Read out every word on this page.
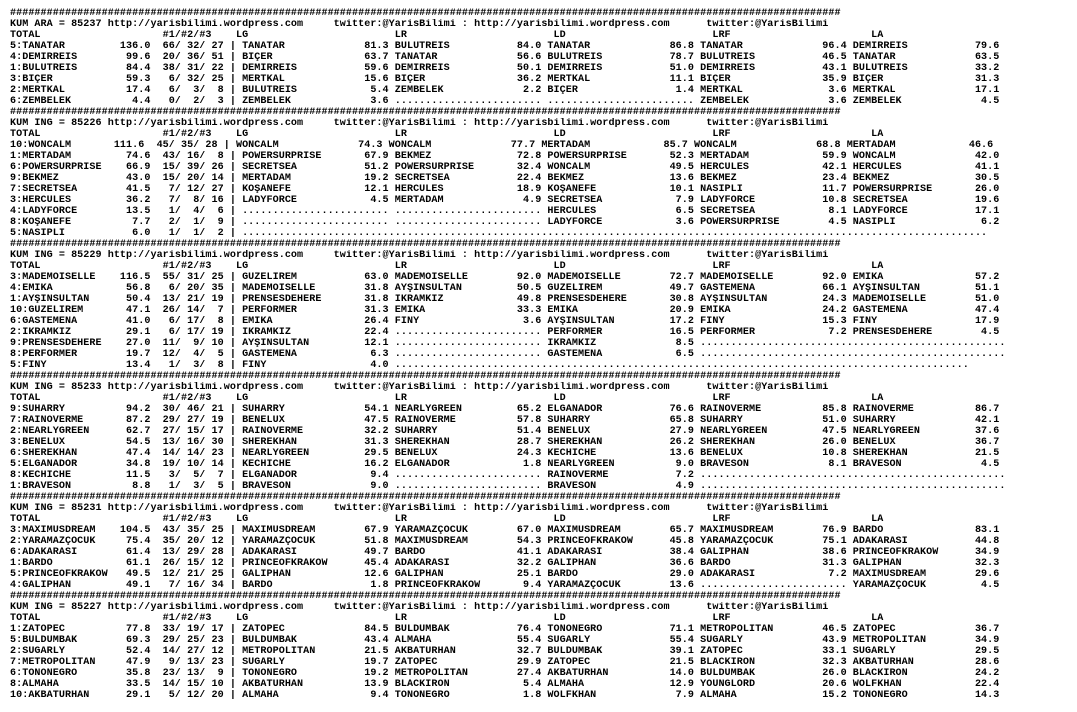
########################################################################################################################################
KUM ARA = 85237 http://yarisbilimi.wordpress.com     twitter:@YarisBilimi : http://yarisbilimi.wordpress.com      twitter:@YarisBilimi
TOTAL                    #1/#2/#3    LG                        LR                        LD                        LRF                       LA
5:TANATAR         136.0  66/ 32/ 27 | TANATAR             81.3 BULUTREİS           84.0 TANATAR             86.8 TANATAR             96.4 DEMİRREİS           79.6
4:DEMİRREİS        99.6  20/ 36/ 51 | BIÇER               63.7 TANATAR             56.6 BULUTREİS           78.7 BULUTREİS           46.5 TANATAR             63.5
1:BULUTREİS        84.4  38/ 31/ 22 | DEMİRREİS           59.6 DEMİRREİS           50.1 DEMİRREİS           51.0 DEMİRREİS           43.1 BULUTREİS           33.2
3:BIÇER            59.3   6/ 32/ 25 | MERTKAL             15.6 BIÇER               36.2 MERTKAL             11.1 BIÇER               35.9 BIÇER               31.3
2:MERTKAL          17.4   6/  3/  8 | BULUTREİS            5.4 ZEMBELEK             2.2 BIÇER                1.4 MERTKAL              3.6 MERTKAL             17.1
6:ZEMBELEK          4.4   0/  2/  3 | ZEMBELEK             3.6 ........................ ........................ ZEMBELEK             3.6 ZEMBELEK             4.5
########################################################################################################################################
KUM ING = 85226 http://yarisbilimi.wordpress.com     twitter:@YarisBilimi : http://yarisbilimi.wordpress.com      twitter:@YarisBilimi
TOTAL                    #1/#2/#3    LG                        LR                        LD                        LRF                       LA
10:WONCALM       111.6  45/ 35/ 28 | WONCALM             74.3 WONCALM             77.7 MERTADAM            85.7 WONCALM             68.8 MERTADAM            46.6
1:MERTADAM         74.6  43/ 16/  8 | POWERSURPRISE       67.9 BEKMEZ              72.8 POWERSURPRISE       52.3 MERTADAM            59.9 WONCALM             42.0
6:POWERSURPRISE    66.9  15/ 39/ 26 | SECRETSEA           51.2 POWERSURPRISE       32.4 WONCALM             49.5 HERCULES            42.1 HERCULES            41.1
9:BEKMEZ           43.0  15/ 20/ 14 | MERTADAM            19.2 SECRETSEA           22.4 BEKMEZ              13.6 BEKMEZ              23.4 BEKMEZ              30.5
7:SECRETSEA        41.5   7/ 12/ 27 | KOŞANEFE            12.1 HERCULES            18.9 KOŞANEFE            10.1 NASİPLİ             11.7 POWERSURPRISE       26.0
3:HERCULES         36.2   7/  8/ 16 | LADYFORCE            4.5 MERTADAM             4.9 SECRETSEA            7.9 LADYFORCE           10.8 SECRETSEA           19.6
4:LADYFORCE        13.5   1/  4/  6 | ........................ ........................ HERCULES             6.5 SECRETSEA            8.1 LADYFORCE           17.1
8:KOŞANEFE          7.7   2/  1/  9 | ........................ ........................ LADYFORCE            3.6 POWERSURPRISE        4.5 NASİPLİ              6.2
5:NASİPLİ           6.0   1/  1/  2 | ..........................................................................................................................
########################################################################################################################################
KUM ING = 85229 http://yarisbilimi.wordpress.com     twitter:@YarisBilimi : http://yarisbilimi.wordpress.com      twitter:@YarisBilimi
TOTAL                    #1/#2/#3    LG                        LR                        LD                        LRF                       LA
3:MADEMOISELLE    116.5  55/ 31/ 25 | GÜZELİREM           63.0 MADEMOISELLE        92.0 MADEMOISELLE        72.7 MADEMOISELLE        92.0 EMİKA               57.2
4:EMİKA            56.8   6/ 20/ 35 | MADEMOISELLE        31.8 AYŞINSULTAN         50.5 GÜZELİREM           49.7 GASTEMENA           66.1 AYŞINSULTAN         51.1
1:AYŞINSULTAN      50.4  13/ 21/ 19 | PRENSESDEHERE       31.8 İKRAMKIZ            49.8 PRENSESDEHERE       30.8 AYŞINSULTAN         24.3 MADEMOISELLE        51.0
10:GÜZELİREM       47.1  26/ 14/  7 | PERFORMER           31.3 EMİKA               33.3 EMİKA               20.9 EMİKA               24.2 GASTEMENA           47.4
6:GASTEMENA        41.0   6/ 17/  8 | EMİKA               26.4 FINY                 3.6 AYŞINSULTAN         17.2 FINY                15.3 FINY                17.9
2:İKRAMKIZ         29.1   6/ 17/ 19 | İKRAMKIZ            22.4 ........................ PERFORMER           16.5 PERFORMER            7.2 PRENSESDEHERE        4.5
9:PRENSESDEHERE    27.0  11/  9/ 10 | AYŞINSULTAN         12.1 ........................ İKRAMKIZ             8.5 ..................................................
8:PERFORMER        19.7  12/  4/  5 | GASTEMENA            6.3 ........................ GASTEMENA            6.5 ..................................................
5:FINY             13.4   1/  3/  8 | FINY                 4.0 ..............................................................................................
########################################################################################################################################
KUM ING = 85233 http://yarisbilimi.wordpress.com     twitter:@YarisBilimi : http://yarisbilimi.wordpress.com      twitter:@YarisBilimi
TOTAL                    #1/#2/#3    LG                        LR                        LD                        LRF                       LA
9:SUHARRY          94.2  30/ 46/ 21 | SUHARRY             54.1 NEARLYGREEN         65.2 ELGANADOR           76.6 RAINOVERME          85.8 RAINOVERME          86.7
7:RAINOVERME       87.2  29/ 27/ 19 | BENELUX             47.5 RAINOVERME          57.8 SUHARRY             65.8 SUHARRY             51.0 SUHARRY             42.1
2:NEARLYGREEN      62.7  27/ 15/ 17 | RAINOVERME          32.2 SUHARRY             51.4 BENELUX             27.9 NEARLYGREEN         47.5 NEARLYGREEN         37.6
3:BENELUX          54.5  13/ 16/ 30 | SHEREKHAN           31.3 SHEREKHAN           28.7 SHEREKHAN           26.2 SHEREKHAN           26.0 BENELUX             36.7
6:SHEREKHAN        47.4  14/ 14/ 23 | NEARLYGREEN         29.5 BENELUX             24.3 KECHICHE            13.6 BENELUX             10.8 SHEREKHAN           21.5
5:ELGANADOR        34.8  19/ 10/ 14 | KECHICHE            16.2 ELGANADOR            1.8 NEARLYGREEN          9.0 BRAVESON             8.1 BRAVESON             4.5
8:KECHICHE         11.5   3/  5/  7 | ELGANADOR            9.4 ........................ RAINOVERME           7.2 ..................................................
1:BRAVESON          8.8   1/  3/  5 | BRAVESON             9.0 ........................ BRAVESON             4.9 ..................................................
########################################################################################################################################
KUM ING = 85231 http://yarisbilimi.wordpress.com     twitter:@YarisBilimi : http://yarisbilimi.wordpress.com      twitter:@YarisBilimi
TOTAL                    #1/#2/#3    LG                        LR                        LD                        LRF                       LA
3:MAXIMUSDREAM    104.5  43/ 35/ 25 | MAXIMUSDREAM        67.9 YARAMAZÇOCUK        67.0 MAXIMUSDREAM        65.7 MAXIMUSDREAM        76.9 BARDO               83.1
2:YARAMAZÇOCUK     75.4  35/ 20/ 12 | YARAMAZÇOCUK        51.8 MAXIMUSDREAM        54.3 PRINCEOFKRAKOW      45.8 YARAMAZÇOCUK        75.1 ADAKARASI           44.8
6:ADAKARASI        61.4  13/ 29/ 28 | ADAKARASI           49.7 BARDO               41.1 ADAKARASI           38.4 GALİPHAN            38.6 PRINCEOFKRAKOW      34.9
1:BARDO            61.1  26/ 15/ 12 | PRINCEOFKRAKOW      45.4 ADAKARASI           32.2 GALİPHAN            36.6 BARDO               31.3 GALİPHAN            32.3
5:PRINCEOFKRAKOW   49.5  12/ 21/ 25 | GALİPHAN            12.6 GALİPHAN            25.1 BARDO               29.0 ADAKARASI            7.2 MAXIMUSDREAM        29.6
4:GALİPHAN         49.1   7/ 16/ 34 | BARDO                1.8 PRINCEOFKRAKOW       9.4 YARAMAZÇOCUK        13.6 ........................ YARAMAZÇOCUK         4.5
########################################################################################################################################
KUM ING = 85227 http://yarisbilimi.wordpress.com     twitter:@YarisBilimi : http://yarisbilimi.wordpress.com      twitter:@YarisBilimi
TOTAL                    #1/#2/#3    LG                        LR                        LD                        LRF                       LA
1:ZATOPEC          77.8  33/ 19/ 17 | ZATOPEC             84.5 BULDUMBAK           76.4 TONONEGRO           71.1 METROPOLITAN        46.5 ZATOPEC             36.7
5:BULDUMBAK        69.3  29/ 25/ 23 | BULDUMBAK           43.4 ALMAHA              55.4 SUGARLY             55.4 SUGARLY             43.9 METROPOLITAN        34.9
2:SUGARLY          52.4  14/ 27/ 12 | METROPOLITAN        21.5 AKBATURHAN          32.7 BULDUMBAK           39.1 ZATOPEC             33.1 SUGARLY             29.5
7:METROPOLITAN     47.9   9/ 13/ 23 | SUGARLY             19.7 ZATOPEC             29.9 ZATOPEC             21.5 BLACKIRON           32.3 AKBATURHAN          28.6
6:TONONEGRO        35.8  23/ 13/  9 | TONONEGRO           19.2 METROPOLITAN        27.4 AKBATURHAN          14.0 BULDUMBAK           26.0 BLACKIRON           24.2
8:ALMAHA           33.5  14/ 15/ 10 | AKBATURHAN          13.9 BLACKIRON            5.4 ALMAHA              12.9 YOUNGLORD           20.6 WOLFKHAN            22.4
10:AKBATURHAN      29.1   5/ 12/ 20 | ALMAHA               9.4 TONONEGRO            1.8 WOLFKHAN             7.9 ALMAHA              15.2 TONONEGRO           14.3
